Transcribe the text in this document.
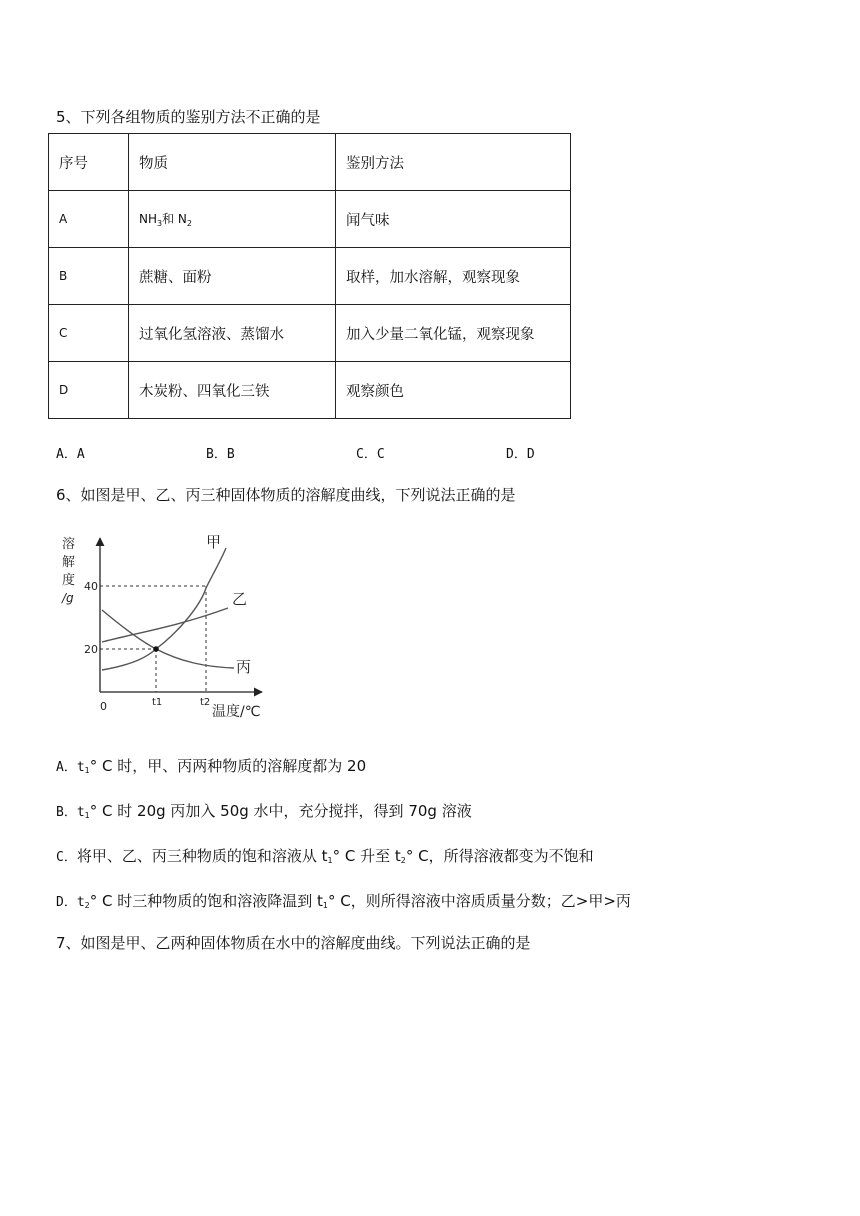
5、下列各组物质的鉴别方法不正确的是
序号	物质	鉴别方法
A	$NH_3$和 $N_2$	闻气味
B	蔗糖、面粉	取样，加水溶解，观察现象
C	过氧化氢溶液、蒸馏水	加入少量二氧化锰，观察现象
D	木炭粉、四氧化三铁	观察颜色
A．A	B．B	C．C	D．D
6、如图是甲、乙、丙三种固体物质的溶解度曲线，下列说法正确的是
溶
解
度
/g
40
20
甲
乙
丙
0	t1	t2
温度/℃
A．t1° C 时，甲、丙两种物质的溶解度都为 20
B．t1° C 时 20g 丙加入 50g 水中，充分搅拌，得到 70g 溶液
C．将甲、乙、丙三种物质的饱和溶液从 t1° C 升至 t2° C，所得溶液都变为不饱和
D．t2° C 时三种物质的饱和溶液降温到 t1° C，则所得溶液中溶质质量分数；乙>甲>丙
7、如图是甲、乙两种固体物质在水中的溶解度曲线。下列说法正确的是
